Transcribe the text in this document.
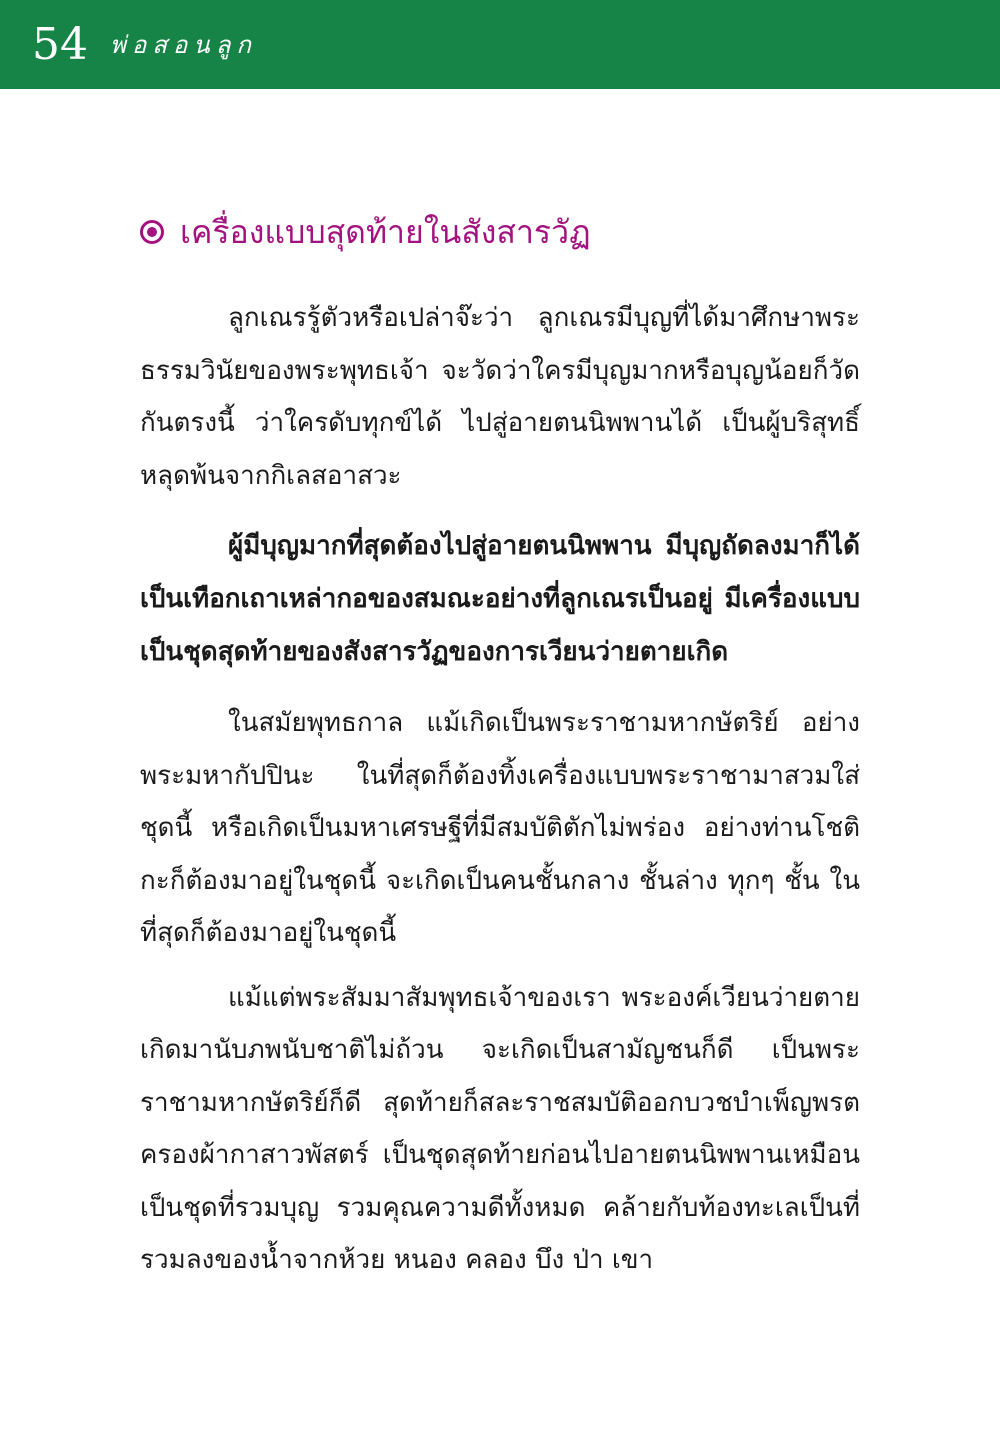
54 พ่อสอนลูก
เครื่องแบบสุดท้ายในสังสารวัฏ

ลูกเณรรู้ตัวหรือเปล่าจ๊ะว่า ลูกเณรมีบุญที่ได้มาศึกษาพระธรรมวินัยของพระพุทธเจ้า จะวัดว่าใครมีบุญมากหรือบุญน้อยก็วัดกันตรงนี้ ว่าใครดับทุกข์ได้ ไปสู่อายตนนิพพานได้ เป็นผู้บริสุทธิ์หลุดพ้นจากกิเลสอาสวะ

ผู้มีบุญมากที่สุดต้องไปสู่อายตนนิพพาน มีบุญถัดลงมาก็ได้เป็นเทือกเถาเหล่ากอของสมณะอย่างที่ลูกเณรเป็นอยู่ มีเครื่องแบบเป็นชุดสุดท้ายของสังสารวัฏของการเวียนว่ายตายเกิด

ในสมัยพุทธกาล แม้เกิดเป็นพระราชามหากษัตริย์ อย่างพระมหากัปปินะ ในที่สุดก็ต้องทิ้งเครื่องแบบพระราชามาสวมใส่ชุดนี้ หรือเกิดเป็นมหาเศรษฐีที่มีสมบัติตักไม่พร่อง อย่างท่านโชติกะก็ต้องมาอยู่ในชุดนี้ จะเกิดเป็นคนชั้นกลาง ชั้นล่าง ทุกๆ ชั้น ในที่สุดก็ต้องมาอยู่ในชุดนี้

แม้แต่พระสัมมาสัมพุทธเจ้าของเรา พระองค์เวียนว่ายตายเกิดมานับภพนับชาติไม่ถ้วน จะเกิดเป็นสามัญชนก็ดี เป็นพระราชามหากษัตริย์ก็ดี สุดท้ายก็สละราชสมบัติออกบวชบำเพ็ญพรต ครองผ้ากาสาวพัสตร์ เป็นชุดสุดท้ายก่อนไปอายตนนิพพานเหมือนเป็นชุดที่รวมบุญ รวมคุณความดีทั้งหมด คล้ายกับท้องทะเลเป็นที่รวมลงของน้ำจากห้วย หนอง คลอง บึง ป่า เขา
